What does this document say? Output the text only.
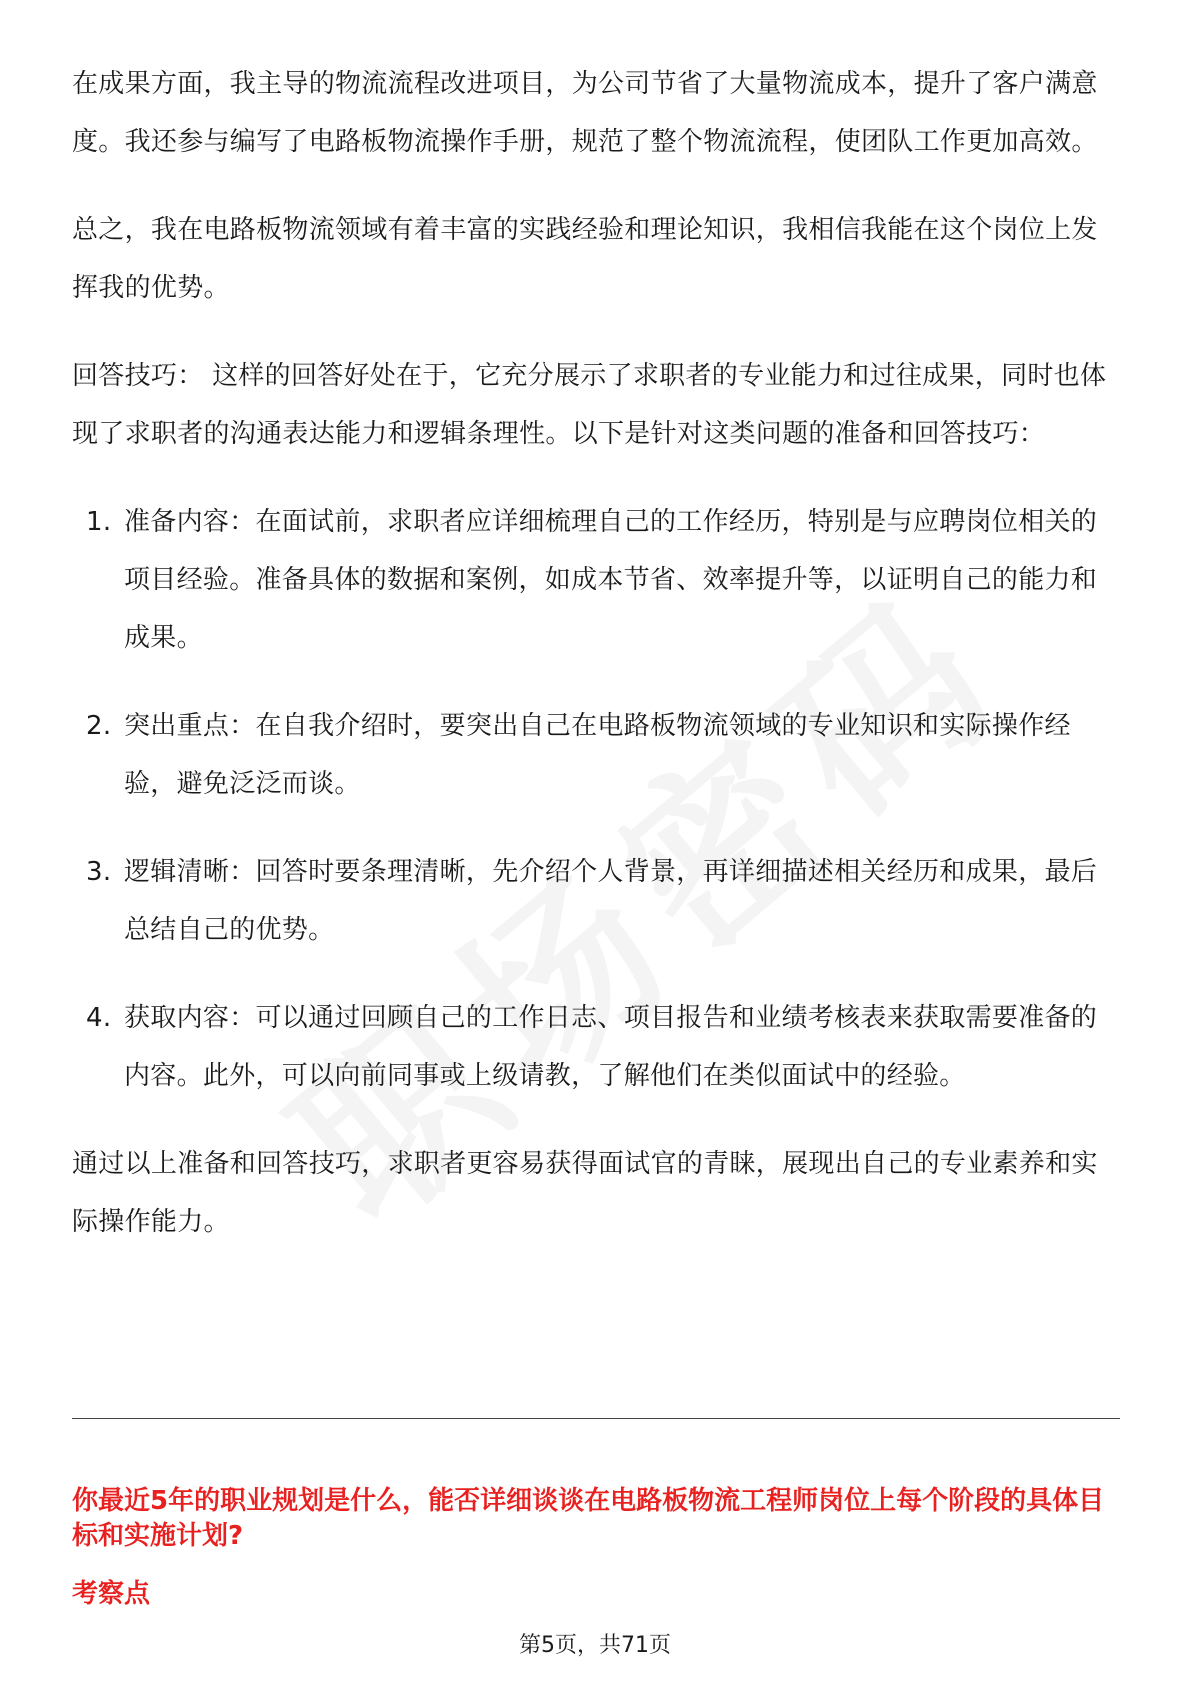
在成果方面，我主导的物流流程改进项目，为公司节省了大量物流成本，提升了客户满意度。我还参与编写了电路板物流操作手册，规范了整个物流流程，使团队工作更加高效。

总之，我在电路板物流领域有着丰富的实践经验和理论知识，我相信我能在这个岗位上发挥我的优势。

回答技巧： 这样的回答好处在于，它充分展示了求职者的专业能力和过往成果，同时也体现了求职者的沟通表达能力和逻辑条理性。以下是针对这类问题的准备和回答技巧：

1. 准备内容：在面试前，求职者应详细梳理自己的工作经历，特别是与应聘岗位相关的项目经验。准备具体的数据和案例，如成本节省、效率提升等，以证明自己的能力和成果。
2. 突出重点：在自我介绍时，要突出自己在电路板物流领域的专业知识和实际操作经验，避免泛泛而谈。
3. 逻辑清晰：回答时要条理清晰，先介绍个人背景，再详细描述相关经历和成果，最后总结自己的优势。
4. 获取内容：可以通过回顾自己的工作日志、项目报告和业绩考核表来获取需要准备的内容。此外，可以向前同事或上级请教，了解他们在类似面试中的经验。

通过以上准备和回答技巧，求职者更容易获得面试官的青睐，展现出自己的专业素养和实际操作能力。

你最近5年的职业规划是什么，能否详细谈谈在电路板物流工程师岗位上每个阶段的具体目标和实施计划?

考察点

第5页，共71页
